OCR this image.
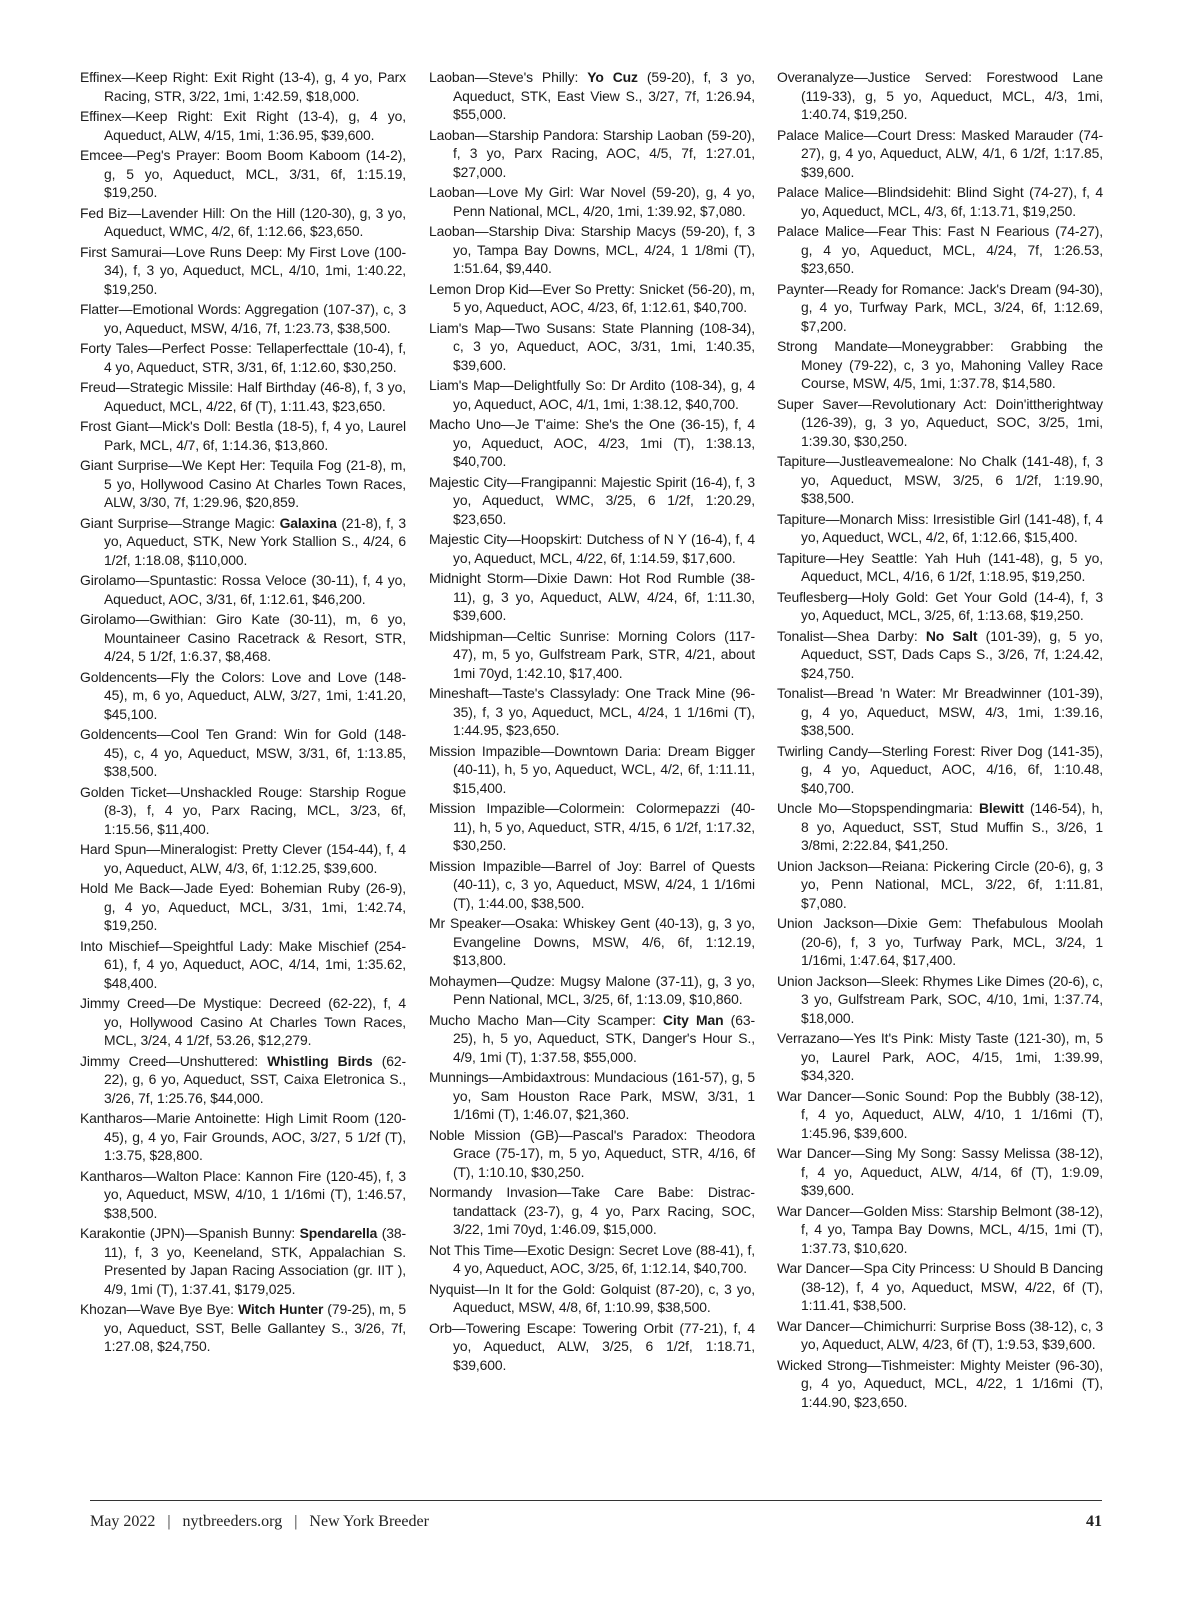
Effinex—Keep Right: Exit Right (13-4), g, 4 yo, Parx Racing, STR, 3/22, 1mi, 1:42.59, $18,000.

Effinex—Keep Right: Exit Right (13-4), g, 4 yo, Aqueduct, ALW, 4/15, 1mi, 1:36.95, $39,600.

Emcee—Peg's Prayer: Boom Boom Kaboom (14-2), g, 5 yo, Aqueduct, MCL, 3/31, 6f, 1:15.19, $19,250.

Fed Biz—Lavender Hill: On the Hill (120-30), g, 3 yo, Aqueduct, WMC, 4/2, 6f, 1:12.66, $23,650.

First Samurai—Love Runs Deep: My First Love (100-34), f, 3 yo, Aqueduct, MCL, 4/10, 1mi, 1:40.22, $19,250.

Flatter—Emotional Words: Aggregation (107-37), c, 3 yo, Aqueduct, MSW, 4/16, 7f, 1:23.73, $38,500.

Forty Tales—Perfect Posse: Tellaperfecttale (10-4), f, 4 yo, Aqueduct, STR, 3/31, 6f, 1:12.60, $30,250.

Freud—Strategic Missile: Half Birthday (46-8), f, 3 yo, Aqueduct, MCL, 4/22, 6f (T), 1:11.43, $23,650.

Frost Giant—Mick's Doll: Bestla (18-5), f, 4 yo, Laurel Park, MCL, 4/7, 6f, 1:14.36, $13,860.

Giant Surprise—We Kept Her: Tequila Fog (21-8), m, 5 yo, Hollywood Casino At Charles Town Races, ALW, 3/30, 7f, 1:29.96, $20,859.

Giant Surprise—Strange Magic: Galaxina (21-8), f, 3 yo, Aqueduct, STK, New York Stallion S., 4/24, 6 1/2f, 1:18.08, $110,000.

Girolamo—Spuntastic: Rossa Veloce (30-11), f, 4 yo, Aqueduct, AOC, 3/31, 6f, 1:12.61, $46,200.

Girolamo—Gwithian: Giro Kate (30-11), m, 6 yo, Mountaineer Casino Racetrack & Resort, STR, 4/24, 5 1/2f, 1:6.37, $8,468.

Goldencents—Fly the Colors: Love and Love (148-45), m, 6 yo, Aqueduct, ALW, 3/27, 1mi, 1:41.20, $45,100.

Goldencents—Cool Ten Grand: Win for Gold (148-45), c, 4 yo, Aqueduct, MSW, 3/31, 6f, 1:13.85, $38,500.

Golden Ticket—Unshackled Rouge: Starship Rogue (8-3), f, 4 yo, Parx Racing, MCL, 3/23, 6f, 1:15.56, $11,400.

Hard Spun—Mineralogist: Pretty Clever (154-44), f, 4 yo, Aqueduct, ALW, 4/3, 6f, 1:12.25, $39,600.

Hold Me Back—Jade Eyed: Bohemian Ruby (26-9), g, 4 yo, Aqueduct, MCL, 3/31, 1mi, 1:42.74, $19,250.

Into Mischief—Speightful Lady: Make Mischief (254-61), f, 4 yo, Aqueduct, AOC, 4/14, 1mi, 1:35.62, $48,400.

Jimmy Creed—De Mystique: Decreed (62-22), f, 4 yo, Hollywood Casino At Charles Town Races, MCL, 3/24, 4 1/2f, 53.26, $12,279.

Jimmy Creed—Unshuttered: Whistling Birds (62-22), g, 6 yo, Aqueduct, SST, Caixa Eletronica S., 3/26, 7f, 1:25.76, $44,000.

Kantharos—Marie Antoinette: High Limit Room (120-45), g, 4 yo, Fair Grounds, AOC, 3/27, 5 1/2f (T), 1:3.75, $28,800.

Kantharos—Walton Place: Kannon Fire (120-45), f, 3 yo, Aqueduct, MSW, 4/10, 1 1/16mi (T), 1:46.57, $38,500.

Karakontie (JPN)—Spanish Bunny: Spendarella (38-11), f, 3 yo, Keeneland, STK, Appalachian S. Presented by Japan Racing Association (gr. IIT ), 4/9, 1mi (T), 1:37.41, $179,025.

Khozan—Wave Bye Bye: Witch Hunter (79-25), m, 5 yo, Aqueduct, SST, Belle Gallantey S., 3/26, 7f, 1:27.08, $24,750.

Laoban—Steve's Philly: Yo Cuz (59-20), f, 3 yo, Aqueduct, STK, East View S., 3/27, 7f, 1:26.94, $55,000.

Laoban—Starship Pandora: Starship Laoban (59-20), f, 3 yo, Parx Racing, AOC, 4/5, 7f, 1:27.01, $27,000.

Laoban—Love My Girl: War Novel (59-20), g, 4 yo, Penn National, MCL, 4/20, 1mi, 1:39.92, $7,080.

Laoban—Starship Diva: Starship Macys (59-20), f, 3 yo, Tampa Bay Downs, MCL, 4/24, 1 1/8mi (T), 1:51.64, $9,440.

Lemon Drop Kid—Ever So Pretty: Snicket (56-20), m, 5 yo, Aqueduct, AOC, 4/23, 6f, 1:12.61, $40,700.

Liam's Map—Two Susans: State Planning (108-34), c, 3 yo, Aqueduct, AOC, 3/31, 1mi, 1:40.35, $39,600.

Liam's Map—Delightfully So: Dr Ardito (108-34), g, 4 yo, Aqueduct, AOC, 4/1, 1mi, 1:38.12, $40,700.

Macho Uno—Je T'aime: She's the One (36-15), f, 4 yo, Aqueduct, AOC, 4/23, 1mi (T), 1:38.13, $40,700.

Majestic City—Frangipanni: Majestic Spirit (16-4), f, 3 yo, Aqueduct, WMC, 3/25, 6 1/2f, 1:20.29, $23,650.

Majestic City—Hoopskirt: Dutchess of N Y (16-4), f, 4 yo, Aqueduct, MCL, 4/22, 6f, 1:14.59, $17,600.

Midnight Storm—Dixie Dawn: Hot Rod Rumble (38-11), g, 3 yo, Aqueduct, ALW, 4/24, 6f, 1:11.30, $39,600.

Midshipman—Celtic Sunrise: Morning Colors (117-47), m, 5 yo, Gulfstream Park, STR, 4/21, about 1mi 70yd, 1:42.10, $17,400.

Mineshaft—Taste's Classylady: One Track Mine (96-35), f, 3 yo, Aqueduct, MCL, 4/24, 1 1/16mi (T), 1:44.95, $23,650.

Mission Impazible—Downtown Daria: Dream Bigger (40-11), h, 5 yo, Aqueduct, WCL, 4/2, 6f, 1:11.11, $15,400.

Mission Impazible—Colormein: Colormepazzi (40-11), h, 5 yo, Aqueduct, STR, 4/15, 6 1/2f, 1:17.32, $30,250.

Mission Impazible—Barrel of Joy: Barrel of Quests (40-11), c, 3 yo, Aqueduct, MSW, 4/24, 1 1/16mi (T), 1:44.00, $38,500.

Mr Speaker—Osaka: Whiskey Gent (40-13), g, 3 yo, Evangeline Downs, MSW, 4/6, 6f, 1:12.19, $13,800.

Mohaymen—Qudze: Mugsy Malone (37-11), g, 3 yo, Penn National, MCL, 3/25, 6f, 1:13.09, $10,860.

Mucho Macho Man—City Scamper: City Man (63-25), h, 5 yo, Aqueduct, STK, Danger's Hour S., 4/9, 1mi (T), 1:37.58, $55,000.

Munnings—Ambidaxtrous: Mundacious (161-57), g, 5 yo, Sam Houston Race Park, MSW, 3/31, 1 1/16mi (T), 1:46.07, $21,360.

Noble Mission (GB)—Pascal's Paradox: Theodora Grace (75-17), m, 5 yo, Aqueduct, STR, 4/16, 6f (T), 1:10.10, $30,250.

Normandy Invasion—Take Care Babe: Distractandattack (23-7), g, 4 yo, Parx Racing, SOC, 3/22, 1mi 70yd, 1:46.09, $15,000.

Not This Time—Exotic Design: Secret Love (88-41), f, 4 yo, Aqueduct, AOC, 3/25, 6f, 1:12.14, $40,700.

Nyquist—In It for the Gold: Golquist (87-20), c, 3 yo, Aqueduct, MSW, 4/8, 6f, 1:10.99, $38,500.

Orb—Towering Escape: Towering Orbit (77-21), f, 4 yo, Aqueduct, ALW, 3/25, 6 1/2f, 1:18.71, $39,600.

Overanalyze—Justice Served: Forestwood Lane (119-33), g, 5 yo, Aqueduct, MCL, 4/3, 1mi, 1:40.74, $19,250.

Palace Malice—Court Dress: Masked Marauder (74-27), g, 4 yo, Aqueduct, ALW, 4/1, 6 1/2f, 1:17.85, $39,600.

Palace Malice—Blindsidehit: Blind Sight (74-27), f, 4 yo, Aqueduct, MCL, 4/3, 6f, 1:13.71, $19,250.

Palace Malice—Fear This: Fast N Fearious (74-27), g, 4 yo, Aqueduct, MCL, 4/24, 7f, 1:26.53, $23,650.

Paynter—Ready for Romance: Jack's Dream (94-30), g, 4 yo, Turfway Park, MCL, 3/24, 6f, 1:12.69, $7,200.

Strong Mandate—Moneygrabber: Grabbing the Money (79-22), c, 3 yo, Mahoning Valley Race Course, MSW, 4/5, 1mi, 1:37.78, $14,580.

Super Saver—Revolutionary Act: Doin'ittherightway (126-39), g, 3 yo, Aqueduct, SOC, 3/25, 1mi, 1:39.30, $30,250.

Tapiture—Justleavemealone: No Chalk (141-48), f, 3 yo, Aqueduct, MSW, 3/25, 6 1/2f, 1:19.90, $38,500.

Tapiture—Monarch Miss: Irresistible Girl (141-48), f, 4 yo, Aqueduct, WCL, 4/2, 6f, 1:12.66, $15,400.

Tapiture—Hey Seattle: Yah Huh (141-48), g, 5 yo, Aqueduct, MCL, 4/16, 6 1/2f, 1:18.95, $19,250.

Teuflesberg—Holy Gold: Get Your Gold (14-4), f, 3 yo, Aqueduct, MCL, 3/25, 6f, 1:13.68, $19,250.

Tonalist—Shea Darby: No Salt (101-39), g, 5 yo, Aqueduct, SST, Dads Caps S., 3/26, 7f, 1:24.42, $24,750.

Tonalist—Bread 'n Water: Mr Breadwinner (101-39), g, 4 yo, Aqueduct, MSW, 4/3, 1mi, 1:39.16, $38,500.

Twirling Candy—Sterling Forest: River Dog (141-35), g, 4 yo, Aqueduct, AOC, 4/16, 6f, 1:10.48, $40,700.

Uncle Mo—Stopspendingmaria: Blewitt (146-54), h, 8 yo, Aqueduct, SST, Stud Muffin S., 3/26, 1 3/8mi, 2:22.84, $41,250.

Union Jackson—Reiana: Pickering Circle (20-6), g, 3 yo, Penn National, MCL, 3/22, 6f, 1:11.81, $7,080.

Union Jackson—Dixie Gem: Thefabulous Moolah (20-6), f, 3 yo, Turfway Park, MCL, 3/24, 1 1/16mi, 1:47.64, $17,400.

Union Jackson—Sleek: Rhymes Like Dimes (20-6), c, 3 yo, Gulfstream Park, SOC, 4/10, 1mi, 1:37.74, $18,000.

Verrazano—Yes It's Pink: Misty Taste (121-30), m, 5 yo, Laurel Park, AOC, 4/15, 1mi, 1:39.99, $34,320.

War Dancer—Sonic Sound: Pop the Bubbly (38-12), f, 4 yo, Aqueduct, ALW, 4/10, 1 1/16mi (T), 1:45.96, $39,600.

War Dancer—Sing My Song: Sassy Melissa (38-12), f, 4 yo, Aqueduct, ALW, 4/14, 6f (T), 1:9.09, $39,600.

War Dancer—Golden Miss: Starship Belmont (38-12), f, 4 yo, Tampa Bay Downs, MCL, 4/15, 1mi (T), 1:37.73, $10,620.

War Dancer—Spa City Princess: U Should B Dancing (38-12), f, 4 yo, Aqueduct, MSW, 4/22, 6f (T), 1:11.41, $38,500.

War Dancer—Chimichurri: Surprise Boss (38-12), c, 3 yo, Aqueduct, ALW, 4/23, 6f (T), 1:9.53, $39,600.

Wicked Strong—Tishmeister: Mighty Meister (96-30), g, 4 yo, Aqueduct, MCL, 4/22, 1 1/16mi (T), 1:44.90, $23,650.

May 2022 | nytbreeders.org | New York Breeder	41
